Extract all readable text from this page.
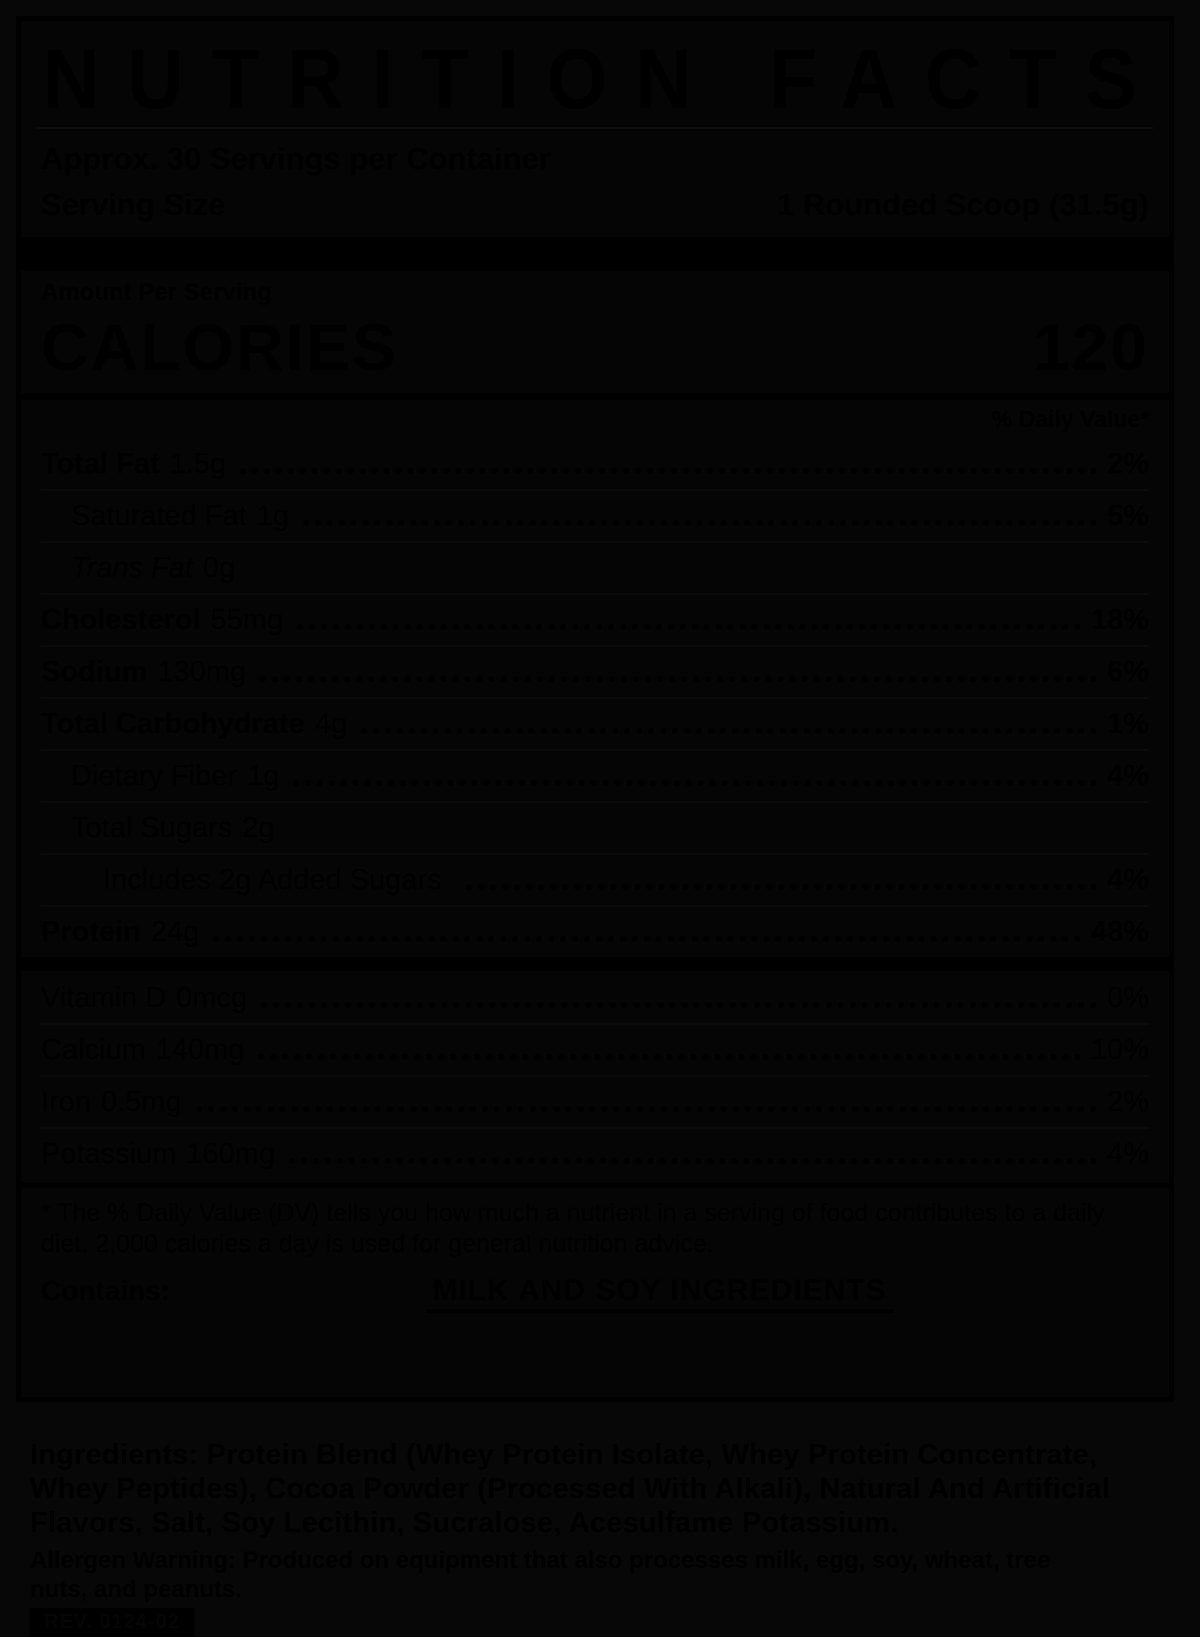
NUTRITION FACTS
Approx. 30 Servings per Container
Serving Size	1 Rounded Scoop (31.5g)
Amount Per Serving
CALORIES	120
% Daily Value*
Total Fat 1.5g	2%
Saturated Fat 1g	5%
Trans Fat 0g
Cholesterol 55mg	18%
Sodium 130mg	6%
Total Carbohydrate 4g	1%
Dietary Fiber 1g	4%
Total Sugars 2g
Includes 2g Added Sugars	4%
Protein 24g	48%
Vitamin D 0mcg	0%
Calcium 140mg	10%
Iron 0.5mg	2%
Potassium 160mg	4%
* The % Daily Value (DV) tells you how much a nutrient in a serving of food contributes to a daily diet. 2,000 calories a day is used for general nutrition advice.
Contains:	MILK AND SOY INGREDIENTS
Ingredients: Protein Blend (Whey Protein Isolate, Whey Protein Concentrate, Whey Peptides), Cocoa Powder (Processed With Alkali), Natural And Artificial Flavors, Salt, Soy Lecithin, Sucralose, Acesulfame Potassium.
Allergen Warning: Produced on equipment that also processes milk, egg, soy, wheat, tree nuts, and peanuts.
REV. 0124-02
